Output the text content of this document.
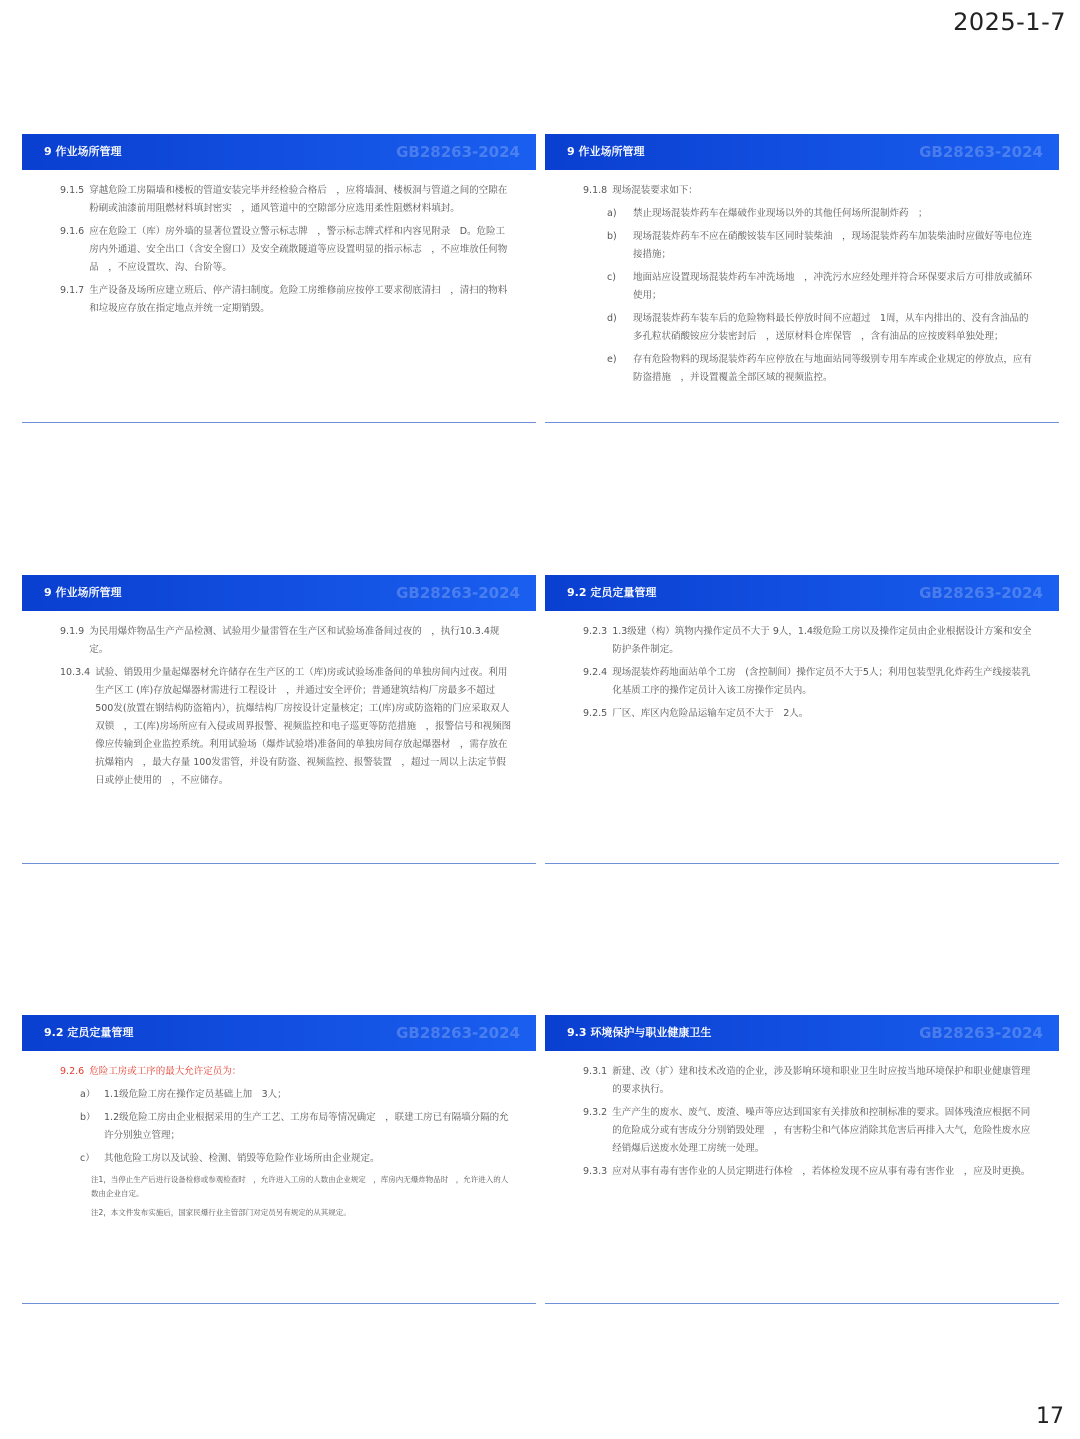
2025-1-7
9 作业场所管理	GB28263-2024
9.1.5 穿越危险工房隔墙和楼板的管道安装完毕并经检验合格后　，应将墙洞、楼板洞与管道之间的空隙在粉刷或油漆前用阻燃材料填封密实　，通风管道中的空隙部分应选用柔性阻燃材料填封。
9.1.6 应在危险工（库）房外墙的显著位置设立警示标志牌　，警示标志牌式样和内容见附录　D。危险工房内外通道、安全出口（含安全窗口）及安全疏散隧道等应设置明显的指示标志　，不应堆放任何物品　，不应设置坎、沟、台阶等。
9.1.7 生产设备及场所应建立班后、停产清扫制度。危险工房维修前应按停工要求彻底清扫　，清扫的物料和垃圾应存放在指定地点并统一定期销毁。
9 作业场所管理	GB28263-2024
9.1.8 现场混装要求如下：
a)	禁止现场混装炸药车在爆破作业现场以外的其他任何场所混制炸药　；
b)	现场混装炸药车不应在硝酸铵装车区同时装柴油　，现场混装炸药车加装柴油时应做好等电位连接措施；
c)	地面站应设置现场混装炸药车冲洗场地　，冲洗污水应经处理并符合环保要求后方可排放或循环使用；
d)	现场混装炸药车装车后的危险物料最长停放时间不应超过　1周，从车内排出的、没有含油品的多孔粒状硝酸铵应分装密封后　，送原材料仓库保管　，含有油品的应按废料单独处理；
e)	存有危险物料的现场混装炸药车应停放在与地面站同等级别专用车库或企业规定的停放点，应有防盗措施　，并设置覆盖全部区域的视频监控。
9 作业场所管理	GB28263-2024
9.1.9 为民用爆炸物品生产产品检测、试验用少量雷管在生产区和试验场准备间过夜的　，执行10.3.4规定。
10.3.4 试验、销毁用少量起爆器材允许储存在生产区的工（库)房或试验场准备间的单独房间内过夜。利用生产区工 (库)存放起爆器材需进行工程设计　，并通过安全评价；普通建筑结构厂房最多不超过 500发(放置在钢结构防盗箱内），抗爆结构厂房按设计定量核定；工(库)房或防盗箱的门应采取双人双锁　，工(库)房场所应有入侵或周界报警、视频监控和电子巡更等防范措施　，报警信号和视频图像应传输到企业监控系统。利用试验场（爆炸试验塔)准备间的单独房间存放起爆器材　，需存放在抗爆箱内　，最大存量 100发雷管，并设有防盗、视频监控、报警装置　，超过一周以上法定节假日或停止使用的　，不应储存。
9.2 定员定量管理	GB28263-2024
9.2.3 1.3级建（构）筑物内操作定员不大于 9人，1.4级危险工房以及操作定员由企业根据设计方案和安全防护条件制定。
9.2.4 现场混装炸药地面站单个工房　(含控制间）操作定员不大于5人；利用包装型乳化炸药生产线接装乳化基质工序的操作定员计入该工房操作定员内。
9.2.5 厂区、库区内危险品运输车定员不大于　2人。
9.2 定员定量管理	GB28263-2024
9.2.6 危险工房或工序的最大允许定员为：
a） 1.1级危险工房在操作定员基础上加　3人；
b） 1.2级危险工房由企业根据采用的生产工艺、工房布局等情况确定　，联建工房已有隔墙分隔的允许分别独立管理；
c） 其他危险工房以及试验、检测、销毁等危险作业场所由企业规定。
注1，当停止生产后进行设备检修或参观检查时　，允许进入工房的人数由企业规定　，库房内无爆炸物品时　，允许进入的人数由企业自定。
注2，本文件发布实施后，国家民爆行业主管部门对定员另有规定的从其规定。
9.3 环境保护与职业健康卫生	GB28263-2024
9.3.1 新建、改（扩）建和技术改造的企业，涉及影响环境和职业卫生时应按当地环境保护和职业健康管理的要求执行。
9.3.2 生产产生的废水、废气、废渣、噪声等应达到国家有关排放和控制标准的要求。固体残渣应根据不同的危险成分或有害成分分别销毁处理　，有害粉尘和气体应消除其危害后再排入大气，危险性废水应经销爆后送废水处理工房统一处理。
9.3.3 应对从事有毒有害作业的人员定期进行体检　，若体检发现不应从事有毒有害作业　，应及时更换。
17
